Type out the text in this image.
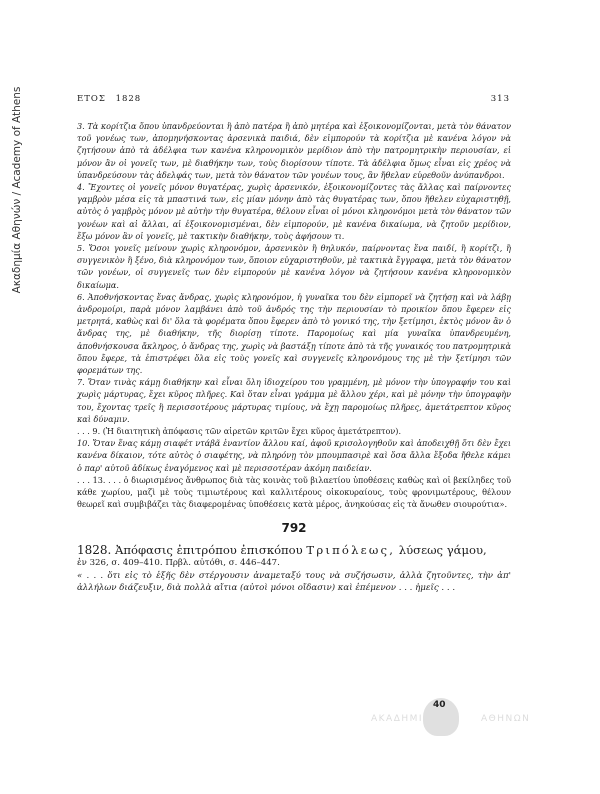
Ακαδημία Αθηνών / Academy of Athens	ΕΤΟΣ 1828	313

3. Τὰ κορίτζια ὅπου ὑπανδρεύονται ἢ ἀπὸ πατέρα ἢ ἀπὸ μητέρα καὶ ἐξοικονομίζονται, μετὰ τὸν θάνατον τοῦ γονέως των, ἀπομηνήσκοντας ἀρσενικὰ παιδιά, δὲν εἰμπορούν τὰ κορίτζια μὲ κανένα λόγον νὰ ζητήσουν ἀπὸ τὰ ἀδέλφια των κανένα κληρονομικὸν μερίδιον ἀπὸ τὴν πατρομητρικὴν περιουσίαν, εἰ μόνον ἂν οἱ γονεῖς των, μὲ διαθήκην των, τοὺς διορίσουν τίποτε. Τὰ ἀδέλφια ὅμως εἶναι εἰς χρέος νὰ ὑπανδρεύσουν τὰς ἀδελφάς των, μετὰ τὸν θάνατον τῶν γονέων τους, ἂν ἤθελαν εὑρεθοῦν ἀνύπανδροι.

4. Ἔχοντες οἱ γονεῖς μόνον θυγατέρας, χωρὶς ἀρσενικόν, ἐξοικονομίζοντες τὰς ἄλλας καὶ παίρνοντες γαμβρὸν μέσα εἰς τὰ μπαστινά των, εἰς μίαν μόνην ἀπὸ τὰς θυγατέρας των, ὅπου ἤθελεν εὐχαριστηθῇ, αὐτὸς ὁ γαμβρὸς μόνον μὲ αὐτὴν τὴν θυγατέρα, θέλουν εἶναι οἱ μόνοι κληρονόμοι μετὰ τὸν θάνατον τῶν γονέων καὶ αἱ ἄλλαι, αἱ ἐξοικονομισμέναι, δὲν εἰμπορούν, μὲ κανένα δικαίωμα, νὰ ζητοῦν μερίδιον, ἔξω μόνον ἂν οἱ γονεῖς, μὲ τακτικὴν διαθήκην, τοὺς ἀφήσουν τι.

5. Ὅσοι γονεῖς μείνουν χωρὶς κληρονόμον, ἀρσενικὸν ἢ θηλυκόν, παίρνοντας ἕνα παιδί, ἢ κορίτζι, ἢ συγγενικὸν ἢ ξένο, διὰ κληρονόμον των, ὅποιον εὐχαριστηθοῦν, μὲ τακτικὰ ἔγγραφα, μετὰ τὸν θάνατον τῶν γονέων, οἱ συγγενεῖς των δὲν εἰμπορούν μὲ κανένα λόγον νὰ ζητήσουν κανένα κληρονομικὸν δικαίωμα.

6. Ἀποθνήσκοντας ἕνας ἄνδρας, χωρὶς κληρονόμον, ἡ γυναῖκα του δὲν εἰμπορεῖ νὰ ζητήσῃ καὶ νὰ λάβῃ ἀνδρομοίρι, παρὰ μόνον λαμβάνει ἀπὸ τοῦ ἀνδρός της τὴν περιουσίαν τὸ προικίον ὅπου ἔφερεν εἰς μετρητά, καθὼς καὶ δι' ὅλα τὰ φορέματα ὅπου ἔφερεν ἀπὸ τὸ γονικό της, τὴν ξετίμησι, ἐκτὸς μόνον ἂν ὁ ἄνδρας της, μὲ διαθήκην, τῆς διορίσῃ τίποτε. Παρομοίως καὶ μία γυναῖκα ὑπανδρευμένη, ἀποθνήσκουσα ἄκληρος, ὁ ἄνδρας της, χωρὶς νὰ βαστάξῃ τίποτε ἀπὸ τὰ τῆς γυναικός του πατρομητρικὰ ὅπου ἔφερε, τὰ ἐπιστρέφει ὅλα εἰς τοὺς γονεῖς καὶ συγγενεῖς κληρονόμους της μὲ τὴν ξετίμησι τῶν φορεμάτων της.

7. Ὅταν τινὰς κάμῃ διαθήκην καὶ εἶναι ὅλη ἰδιοχείρου του γραμμένη, μὲ μόνον τὴν ὑπογραφήν του καὶ χωρὶς μάρτυρας, ἔχει κῦρος πλῆρες. Καὶ ὅταν εἶναι γράμμα μὲ ἄλλου χέρι, καὶ μὲ μόνην τὴν ὑπογραφὴν του, ἔχοντας τρεῖς ἢ περισσοτέρους μάρτυρας τιμίους, νὰ ἔχῃ παρομοίως πλῆρες, ἀμετάτρεπτον κῦρος καὶ δύναμιν.

. . . 9. (Ἡ διαιτητικὴ ἀπόφασις τῶν αἱρετῶν κριτῶν ἔχει κῦρος ἀμετάτρεπτον).

10. Ὅταν ἕνας κάμῃ σιαφέτ ντάβᾶ ἐναντίον ἄλλου καί, ἀφοῦ κρισολογηθοῦν καὶ ἀποδειχθῇ ὅτι δὲν ἔχει κανένα δίκαιον, τότε αὐτὸς ὁ σιαφέτης, νὰ πληρόνῃ τὸν μπουμπασιρὲ καὶ ὅσα ἄλλα ἔξοδα ἤθελε κάμει ὁ παρ' αὐτοῦ ἀδίκως ἐναγόμενος καὶ μὲ περισσοτέραν ἀκόμη παιδείαν.

. . . 13. . . . ὁ διωρισμένος ἄνθρωπος διὰ τὰς κοινὰς τοῦ βιλαετίου ὑποθέσεις καθὼς καὶ οἱ βεκίληδες τοῦ κάθε χωρίου, μαζὶ μὲ τοὺς τιμιωτέρους καὶ καλλιτέρους οἰκοκυραίους, τοὺς φρονιμωτέρους, θέλουν θεωρεῖ καὶ συμβιβάζει τὰς διαφερομένας ὑποθέσεις κατὰ μέρος, ἀνηκούσας εἰς τὰ ἄνωθεν σιουρούτια».

792
1828. Ἀπόφασις ἐπιτρόπου ἐπισκόπου Τριπόλεως, λύσεως γάμου,
ἐν 326, σ. 409–410. Πρβλ. αὐτόθι, σ. 446–447.
« . . . ὅτι εἰς τὸ ἑξῆς δὲν στέργουσιν ἀναμεταξύ τους νὰ συζήσωσιν, ἀλλὰ ζητοῦντες, τὴν ἀπ' ἀλλήλων διάζευξιν, διὰ πολλὰ αἴτια (αὐτοὶ μόνοι οἴδασιν) καὶ ἐπέμενον . . . ἠμεῖς . . .
ΑΚΑΔΗΜΙΑ	ΑΘΗΝΩΝ
40
